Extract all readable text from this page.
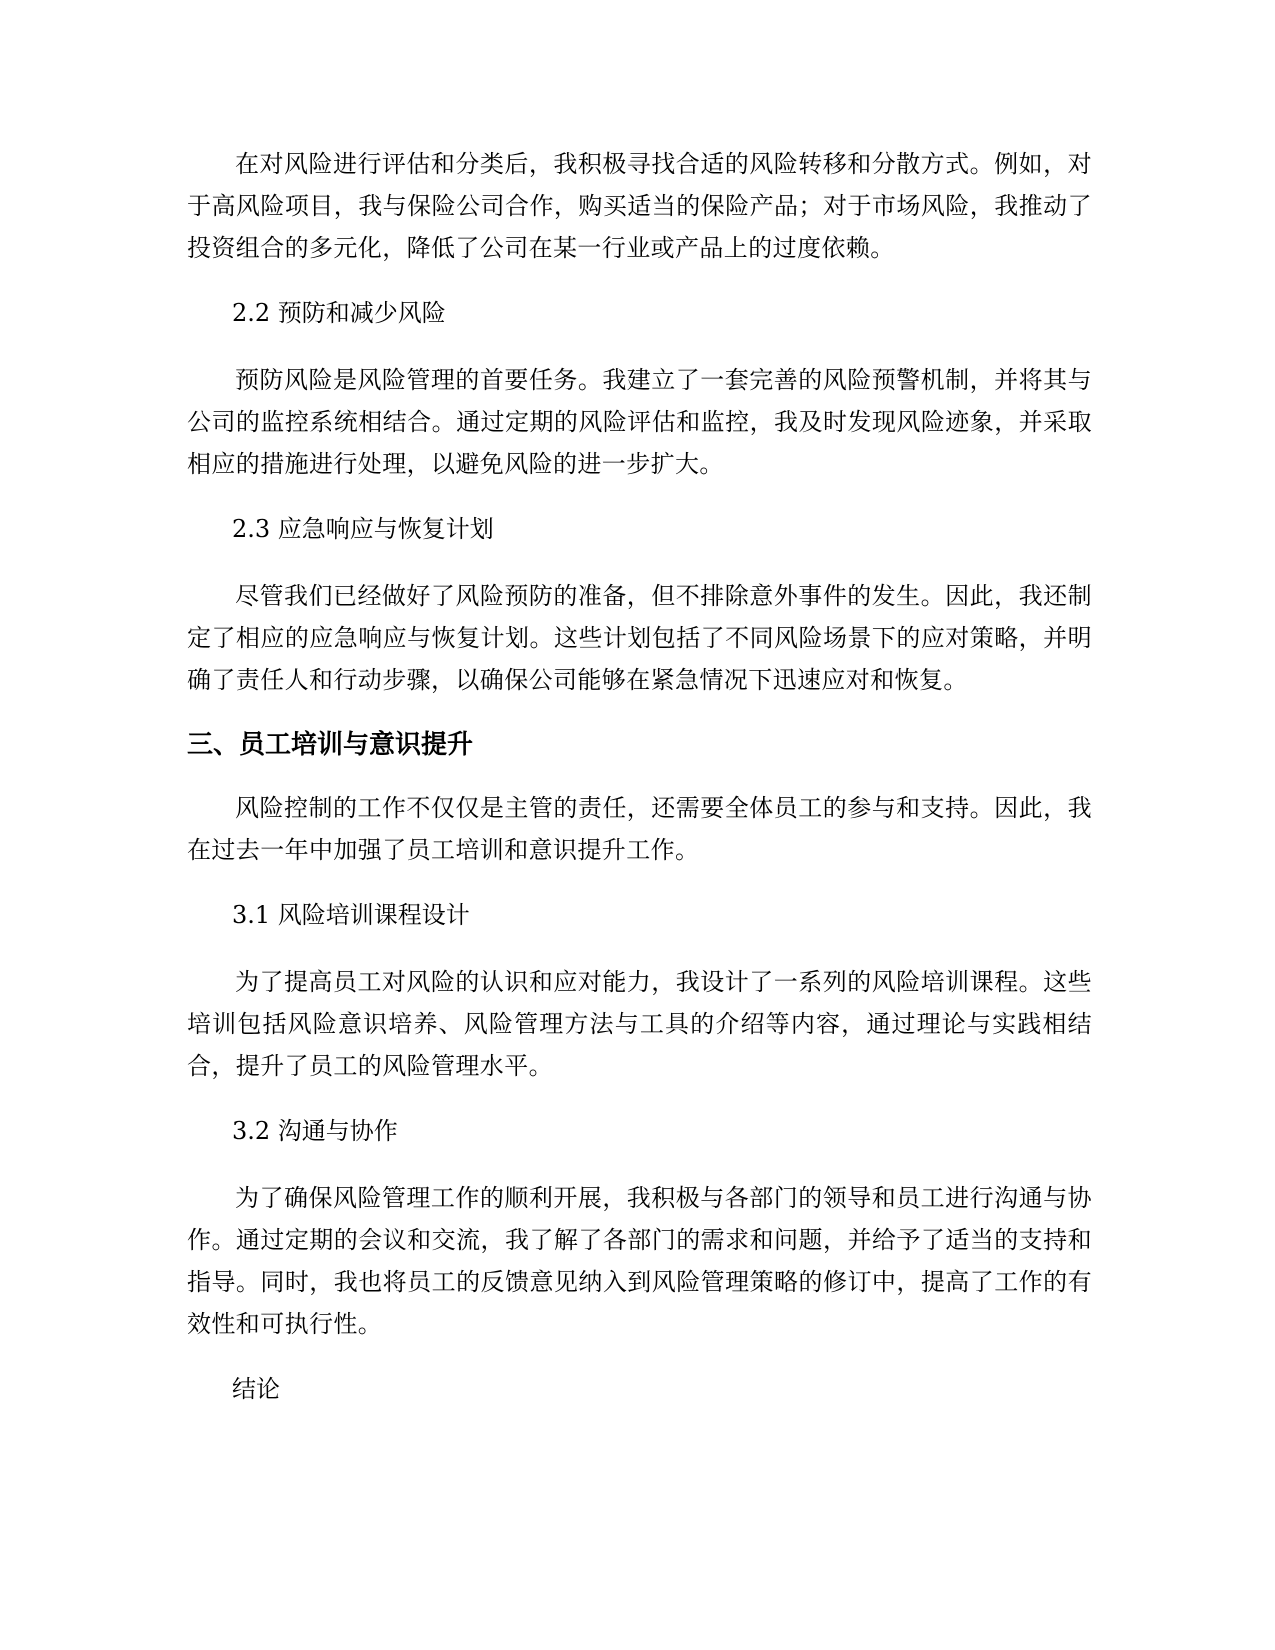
在对风险进行评估和分类后，我积极寻找合适的风险转移和分散方式。例如，对于高风险项目，我与保险公司合作，购买适当的保险产品；对于市场风险，我推动了投资组合的多元化，降低了公司在某一行业或产品上的过度依赖。

2.2 预防和减少风险

预防风险是风险管理的首要任务。我建立了一套完善的风险预警机制，并将其与公司的监控系统相结合。通过定期的风险评估和监控，我及时发现风险迹象，并采取相应的措施进行处理，以避免风险的进一步扩大。

2.3 应急响应与恢复计划

尽管我们已经做好了风险预防的准备，但不排除意外事件的发生。因此，我还制定了相应的应急响应与恢复计划。这些计划包括了不同风险场景下的应对策略，并明确了责任人和行动步骤，以确保公司能够在紧急情况下迅速应对和恢复。

三、员工培训与意识提升

风险控制的工作不仅仅是主管的责任，还需要全体员工的参与和支持。因此，我在过去一年中加强了员工培训和意识提升工作。

3.1 风险培训课程设计

为了提高员工对风险的认识和应对能力，我设计了一系列的风险培训课程。这些培训包括风险意识培养、风险管理方法与工具的介绍等内容，通过理论与实践相结合，提升了员工的风险管理水平。

3.2 沟通与协作

为了确保风险管理工作的顺利开展，我积极与各部门的领导和员工进行沟通与协作。通过定期的会议和交流，我了解了各部门的需求和问题，并给予了适当的支持和指导。同时，我也将员工的反馈意见纳入到风险管理策略的修订中，提高了工作的有效性和可执行性。

结论
